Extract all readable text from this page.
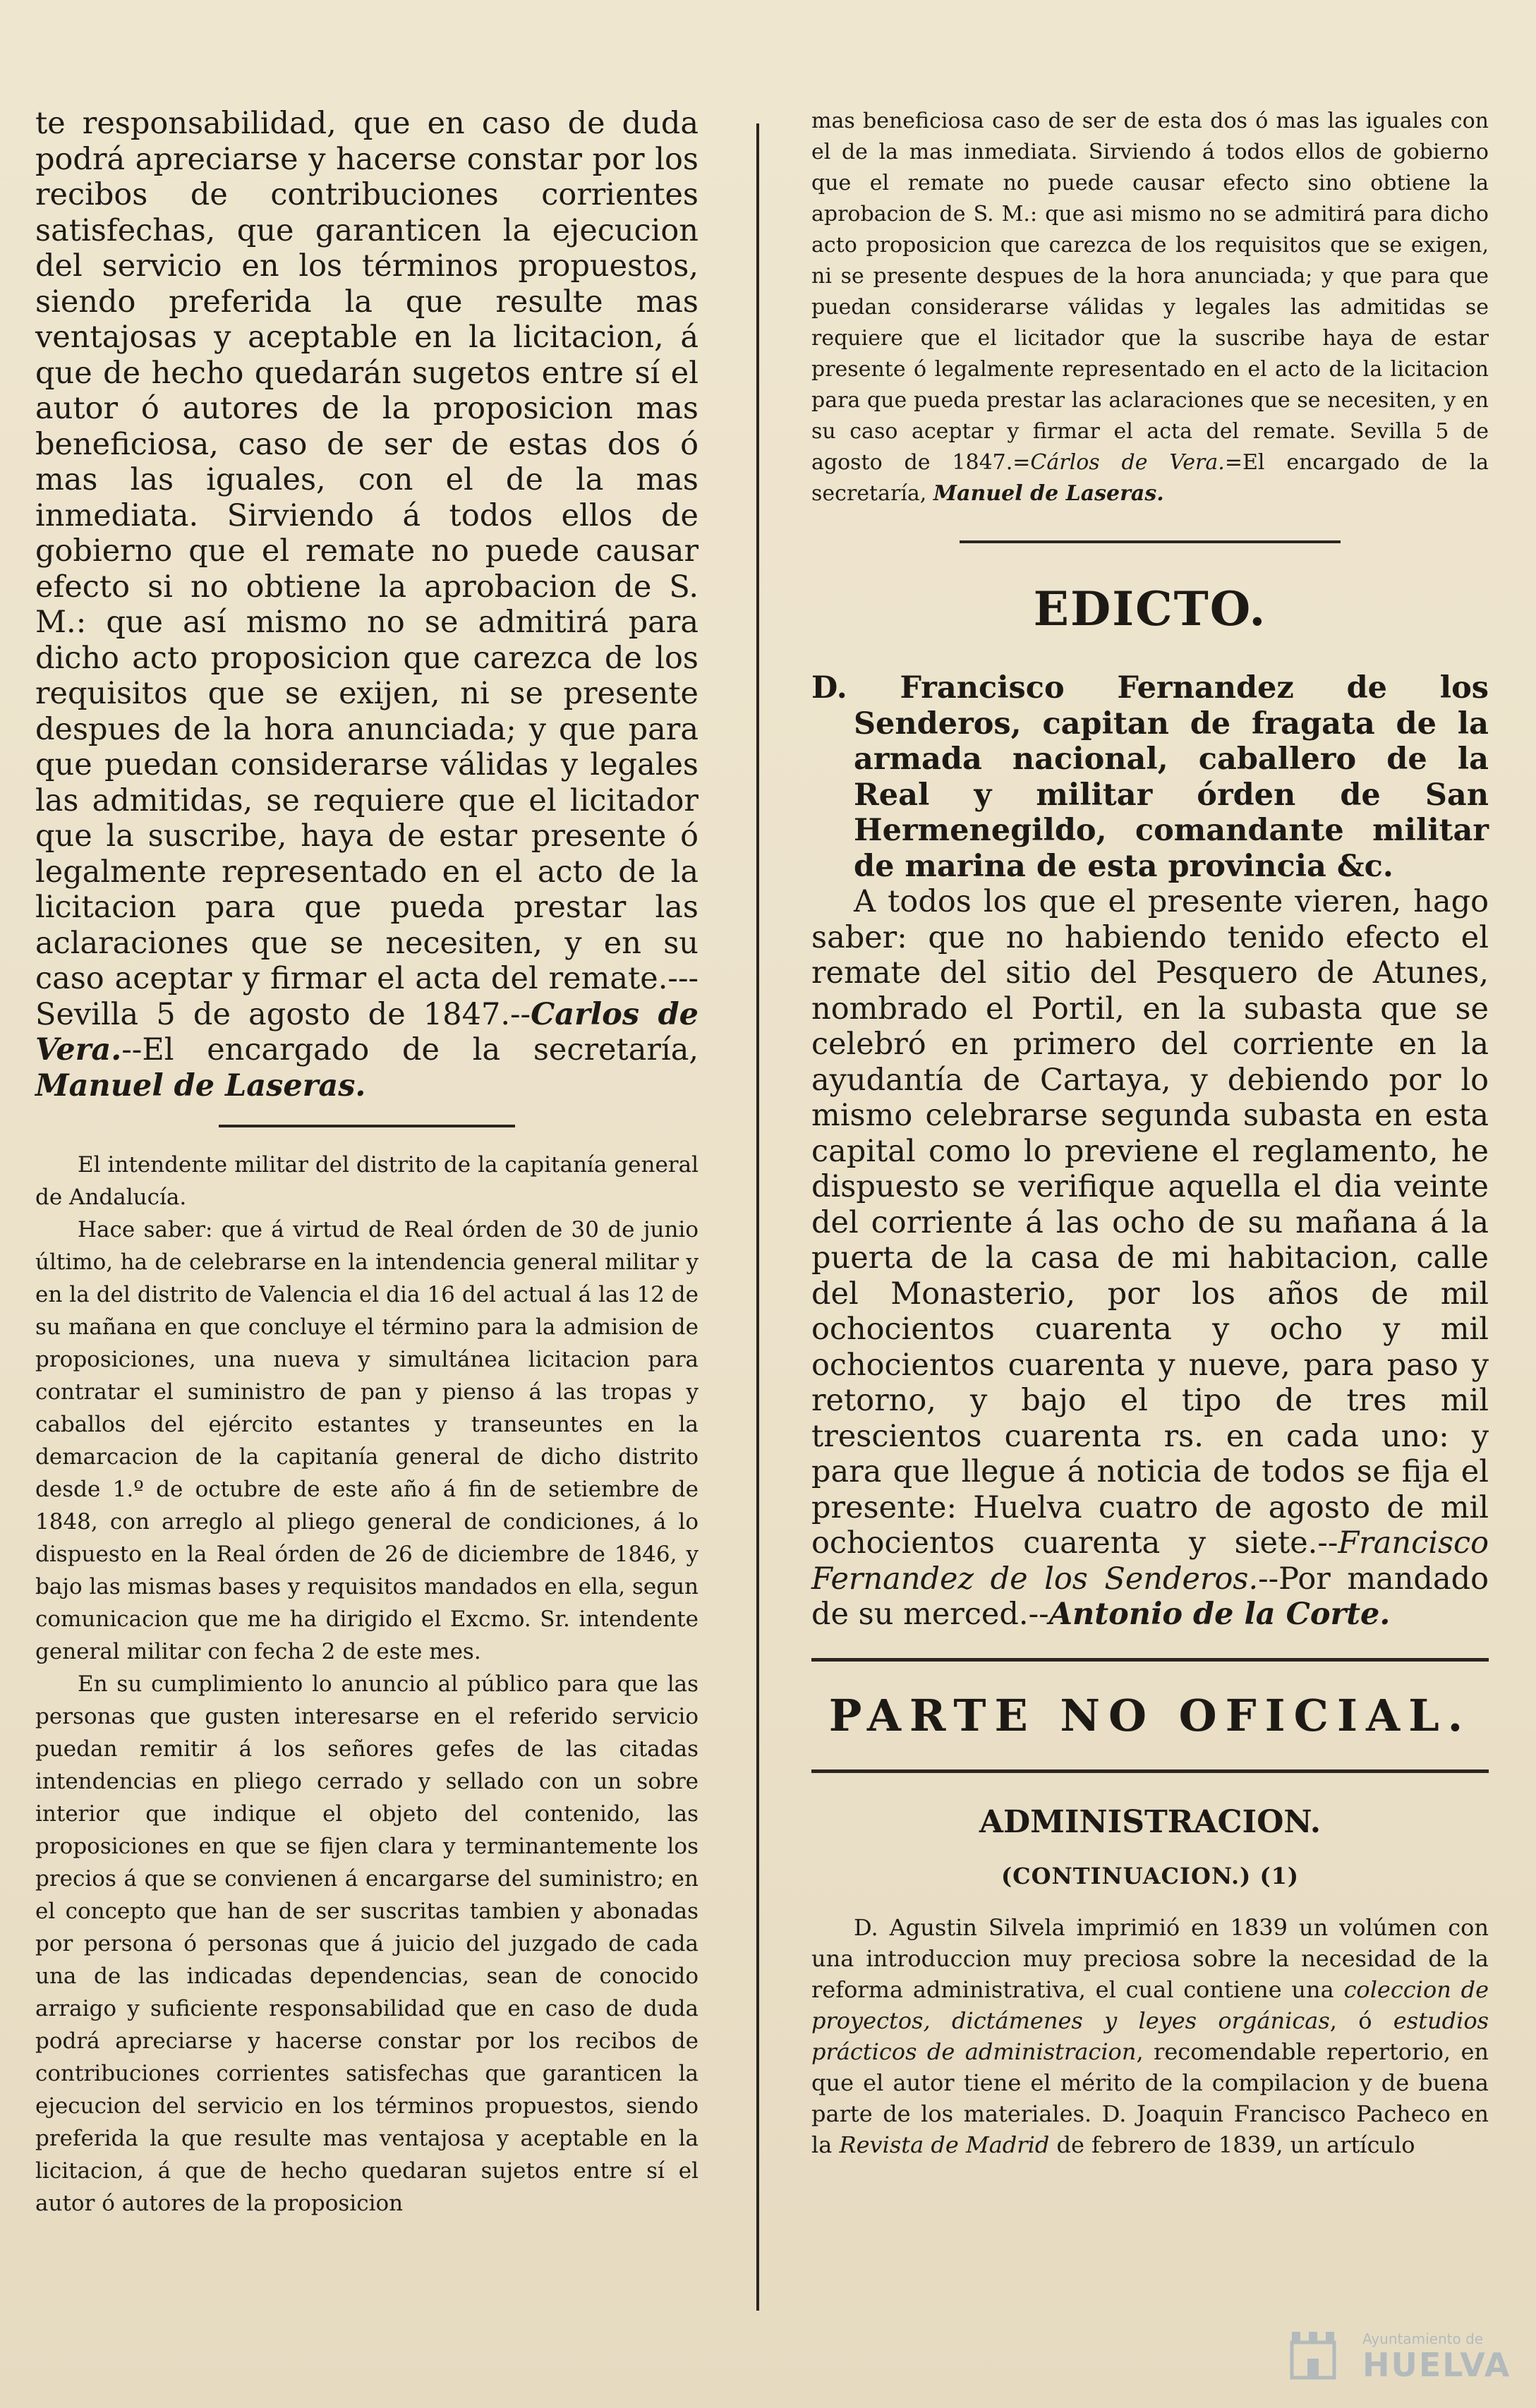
te responsabilidad, que en caso de duda podrá apreciarse y hacerse constar por los recibos de contribuciones corrientes satisfechas, que garanticen la ejecucion del servicio en los términos propuestos, siendo preferida la que resulte mas ventajosas y aceptable en la licitacion, á que de hecho quedarán sugetos entre sí el autor ó autores de la proposicion mas beneficiosa, caso de ser de estas dos ó mas las iguales, con el de la mas inmediata. Sirviendo á todos ellos de gobierno que el remate no puede causar efecto si no obtiene la aprobacion de S. M.: que así mismo no se admitirá para dicho acto proposicion que carezca de los requisitos que se exijen, ni se presente despues de la hora anunciada; y que para que puedan considerarse válidas y legales las admitidas, se requiere que el licitador que la suscribe, haya de estar presente ó legalmente representado en el acto de la licitacion para que pueda prestar las aclaraciones que se necesiten, y en su caso aceptar y firmar el acta del remate.---Sevilla 5 de agosto de 1847.--Carlos de Vera.--El encargado de la secretaría, Manuel de Laseras.

El intendente militar del distrito de la capitanía general de Andalucía.

Hace saber: que á virtud de Real órden de 30 de junio último, ha de celebrarse en la intendencia general militar y en la del distrito de Valencia el dia 16 del actual á las 12 de su mañana en que concluye el término para la admision de proposiciones, una nueva y simultánea licitacion para contratar el suministro de pan y pienso á las tropas y caballos del ejército estantes y transeuntes en la demarcacion de la capitanía general de dicho distrito desde 1.º de octubre de este año á fin de setiembre de 1848, con arreglo al pliego general de condiciones, á lo dispuesto en la Real órden de 26 de diciembre de 1846, y bajo las mismas bases y requisitos mandados en ella, segun comunicacion que me ha dirigido el Excmo. Sr. intendente general militar con fecha 2 de este mes.

En su cumplimiento lo anuncio al público para que las personas que gusten interesarse en el referido servicio puedan remitir á los señores gefes de las citadas intendencias en pliego cerrado y sellado con un sobre interior que indique el objeto del contenido, las proposiciones en que se fijen clara y terminantemente los precios á que se convienen á encargarse del suministro; en el concepto que han de ser suscritas tambien y abonadas por persona ó personas que á juicio del juzgado de cada una de las indicadas dependencias, sean de conocido arraigo y suficiente responsabilidad que en caso de duda podrá apreciarse y hacerse constar por los recibos de contribuciones corrientes satisfechas que garanticen la ejecucion del servicio en los términos propuestos, siendo preferida la que resulte mas ventajosa y aceptable en la licitacion, á que de hecho quedaran sujetos entre sí el autor ó autores de la proposicion

mas beneficiosa caso de ser de esta dos ó mas las iguales con el de la mas inmediata. Sirviendo á todos ellos de gobierno que el remate no puede causar efecto sino obtiene la aprobacion de S. M.: que asi mismo no se admitirá para dicho acto proposicion que carezca de los requisitos que se exigen, ni se presente despues de la hora anunciada; y que para que puedan considerarse válidas y legales las admitidas se requiere que el licitador que la suscribe haya de estar presente ó legalmente representado en el acto de la licitacion para que pueda prestar las aclaraciones que se necesiten, y en su caso aceptar y firmar el acta del remate. Sevilla 5 de agosto de 1847.=Cárlos de Vera.=El encargado de la secretaría, Manuel de Laseras.

EDICTO.

D. Francisco Fernandez de los Senderos, capitan de fragata de la armada nacional, caballero de la Real y militar órden de San Hermenegildo, comandante militar de marina de esta provincia &c.

A todos los que el presente vieren, hago saber: que no habiendo tenido efecto el remate del sitio del Pesquero de Atunes, nombrado el Portil, en la subasta que se celebró en primero del corriente en la ayudantía de Cartaya, y debiendo por lo mismo celebrarse segunda subasta en esta capital como lo previene el reglamento, he dispuesto se verifique aquella el dia veinte del corriente á las ocho de su mañana á la puerta de la casa de mi habitacion, calle del Monasterio, por los años de mil ochocientos cuarenta y ocho y mil ochocientos cuarenta y nueve, para paso y retorno, y bajo el tipo de tres mil trescientos cuarenta rs. en cada uno: y para que llegue á noticia de todos se fija el presente: Huelva cuatro de agosto de mil ochocientos cuarenta y siete.--Francisco Fernandez de los Senderos.--Por mandado de su merced.--Antonio de la Corte.

PARTE NO OFICIAL.
ADMINISTRACION.
(CONTINUACION.) (1)

D. Agustin Silvela imprimió en 1839 un volúmen con una introduccion muy preciosa sobre la necesidad de la reforma administrativa, el cual contiene una coleccion de proyectos, dictámenes y leyes orgánicas, ó estudios prácticos de administracion, recomendable repertorio, en que el autor tiene el mérito de la compilacion y de buena parte de los materiales. D. Joaquin Francisco Pacheco en la Revista de Madrid de febrero de 1839, un artículo

Ayuntamiento de
HUELVA
